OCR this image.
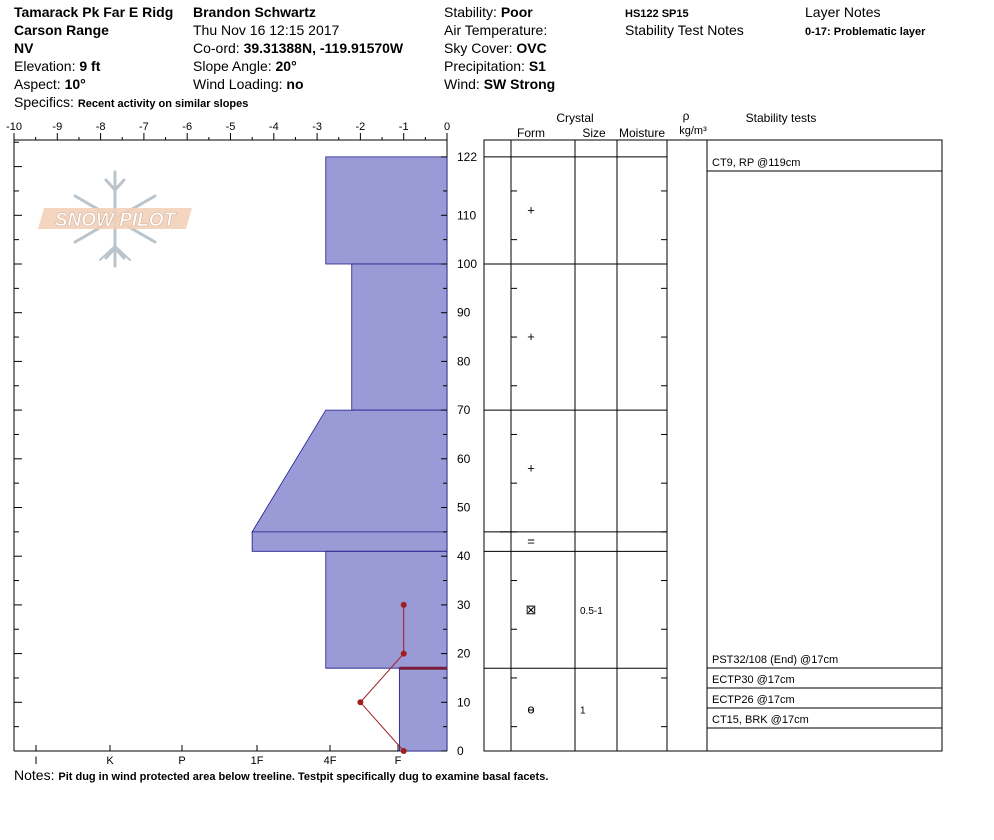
Tamarack Pk Far E Ridg Brandon Schwartz
Carson Range	Thu Nov 16 12:15 2017
NV	Co-ord: 39.31388N, -119.91570W
Elevation: 9 ft	Slope Angle: 20°
Aspect: 10°	Wind Loading: no
Specifics: Recent activity on similar slopes
Stability: Poor
Air Temperature:
Sky Cover: OVC
Precipitation: S1
Wind: SW Strong
HS122 SP15
Stability Test Notes
Layer Notes
0-17: Problematic layer
SNOW PILOT
-10	-9	-8	-7	-6	-5	-4	-3	-2	-1	0
I	K	P	1F	4F	F
0
10
20
30
40
50
60
70
80
90
100
110
122
Crystal
Form	Size Moisture
ρ
kg/m³
Stability tests
+
+
+
=
⊠	0.5-1
ɵ	1
CT9, RP @119cm
PST32/108 (End) @17cm
ECTP30 @17cm
ECTP26 @17cm
CT15, BRK @17cm
Notes: Pit dug in wind protected area below treeline. Testpit specifically dug to examine basal facets.
